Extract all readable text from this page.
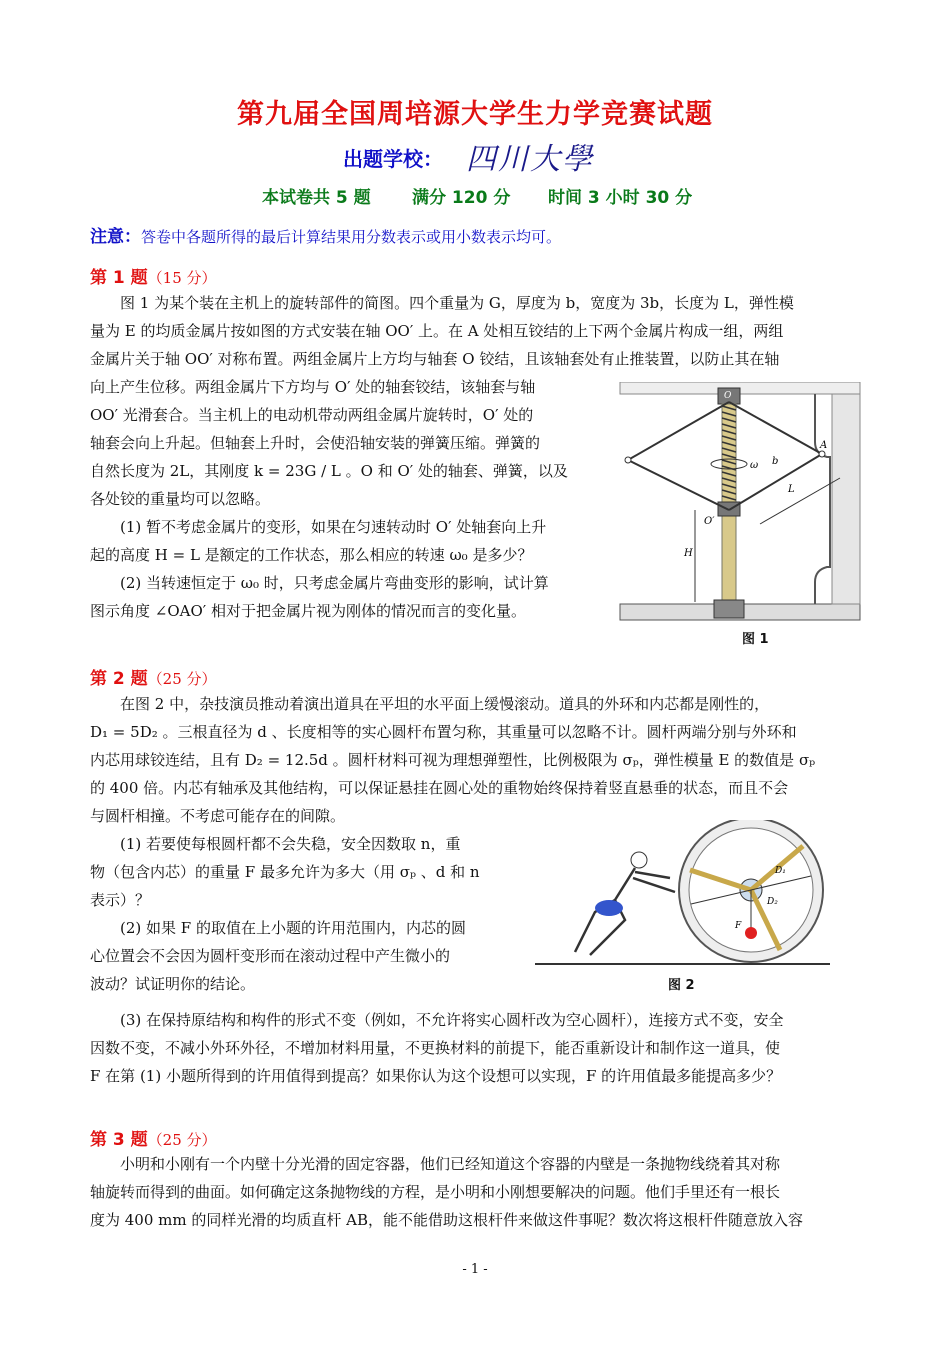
第九届全国周培源大学生力学竞赛试题
出题学校： 四川大學
本试卷共 5 题 满分 120 分 时间 3 小时 30 分
注意：答卷中各题所得的最后计算结果用分数表示或用小数表示均可。
第 1 题（15 分）
图 1 为某个装在主机上的旋转部件的简图。四个重量为 G，厚度为 b，宽度为 3b，长度为 L，弹性模
量为 E 的均质金属片按如图的方式安装在轴 OO′ 上。在 A 处相互铰结的上下两个金属片构成一组，两组
金属片关于轴 OO′ 对称布置。两组金属片上方均与轴套 O 铰结，且该轴套处有止推装置，以防止其在轴
向上产生位移。两组金属片下方均与 O′ 处的轴套铰结，该轴套与轴
OO′ 光滑套合。当主机上的电动机带动两组金属片旋转时，O′ 处的
轴套会向上升起。但轴套上升时，会使沿轴安装的弹簧压缩。弹簧的
自然长度为 2L，其刚度 k = 23G / L 。O 和 O′ 处的轴套、弹簧，以及
各处铰的重量均可以忽略。
(1) 暂不考虑金属片的变形，如果在匀速转动时 O′ 处轴套向上升
起的高度 H = L 是额定的工作状态，那么相应的转速 ω₀ 是多少？
(2) 当转速恒定于 ω₀ 时，只考虑金属片弯曲变形的影响，试计算
图示角度 ∠OAO′ 相对于把金属片视为刚体的情况而言的变化量。
O
O′
A
b
L
H
ω
图 1
第 2 题（25 分）
在图 2 中，杂技演员推动着演出道具在平坦的水平面上缓慢滚动。道具的外环和内芯都是刚性的，
D₁ = 5D₂ 。三根直径为 d 、长度相等的实心圆杆布置匀称，其重量可以忽略不计。圆杆两端分别与外环和
内芯用球铰连结，且有 D₂ = 12.5d 。圆杆材料可视为理想弹塑性，比例极限为 σₚ，弹性模量 E 的数值是 σₚ
的 400 倍。内芯有轴承及其他结构，可以保证悬挂在圆心处的重物始终保持着竖直悬垂的状态，而且不会
与圆杆相撞。不考虑可能存在的间隙。
(1) 若要使每根圆杆都不会失稳，安全因数取 n，重
物（包含内芯）的重量 F 最多允许为多大（用 σₚ 、d 和 n
表示）？
(2) 如果 F 的取值在上小题的许用范围内，内芯的圆
心位置会不会因为圆杆变形而在滚动过程中产生微小的
波动？试证明你的结论。
(3) 在保持原结构和构件的形式不变（例如，不允许将实心圆杆改为空心圆杆），连接方式不变，安全
因数不变，不减小外环外径，不增加材料用量，不更换材料的前提下，能否重新设计和制作这一道具，使
F 在第 (1) 小题所得到的许用值得到提高？如果你认为这个设想可以实现，F 的许用值最多能提高多少？
D₁
D₂
F
图 2
第 3 题（25 分）
小明和小刚有一个内壁十分光滑的固定容器，他们已经知道这个容器的内壁是一条抛物线绕着其对称
轴旋转而得到的曲面。如何确定这条抛物线的方程，是小明和小刚想要解决的问题。他们手里还有一根长
度为 400 mm 的同样光滑的均质直杆 AB，能不能借助这根杆件来做这件事呢？数次将这根杆件随意放入容
- 1 -
